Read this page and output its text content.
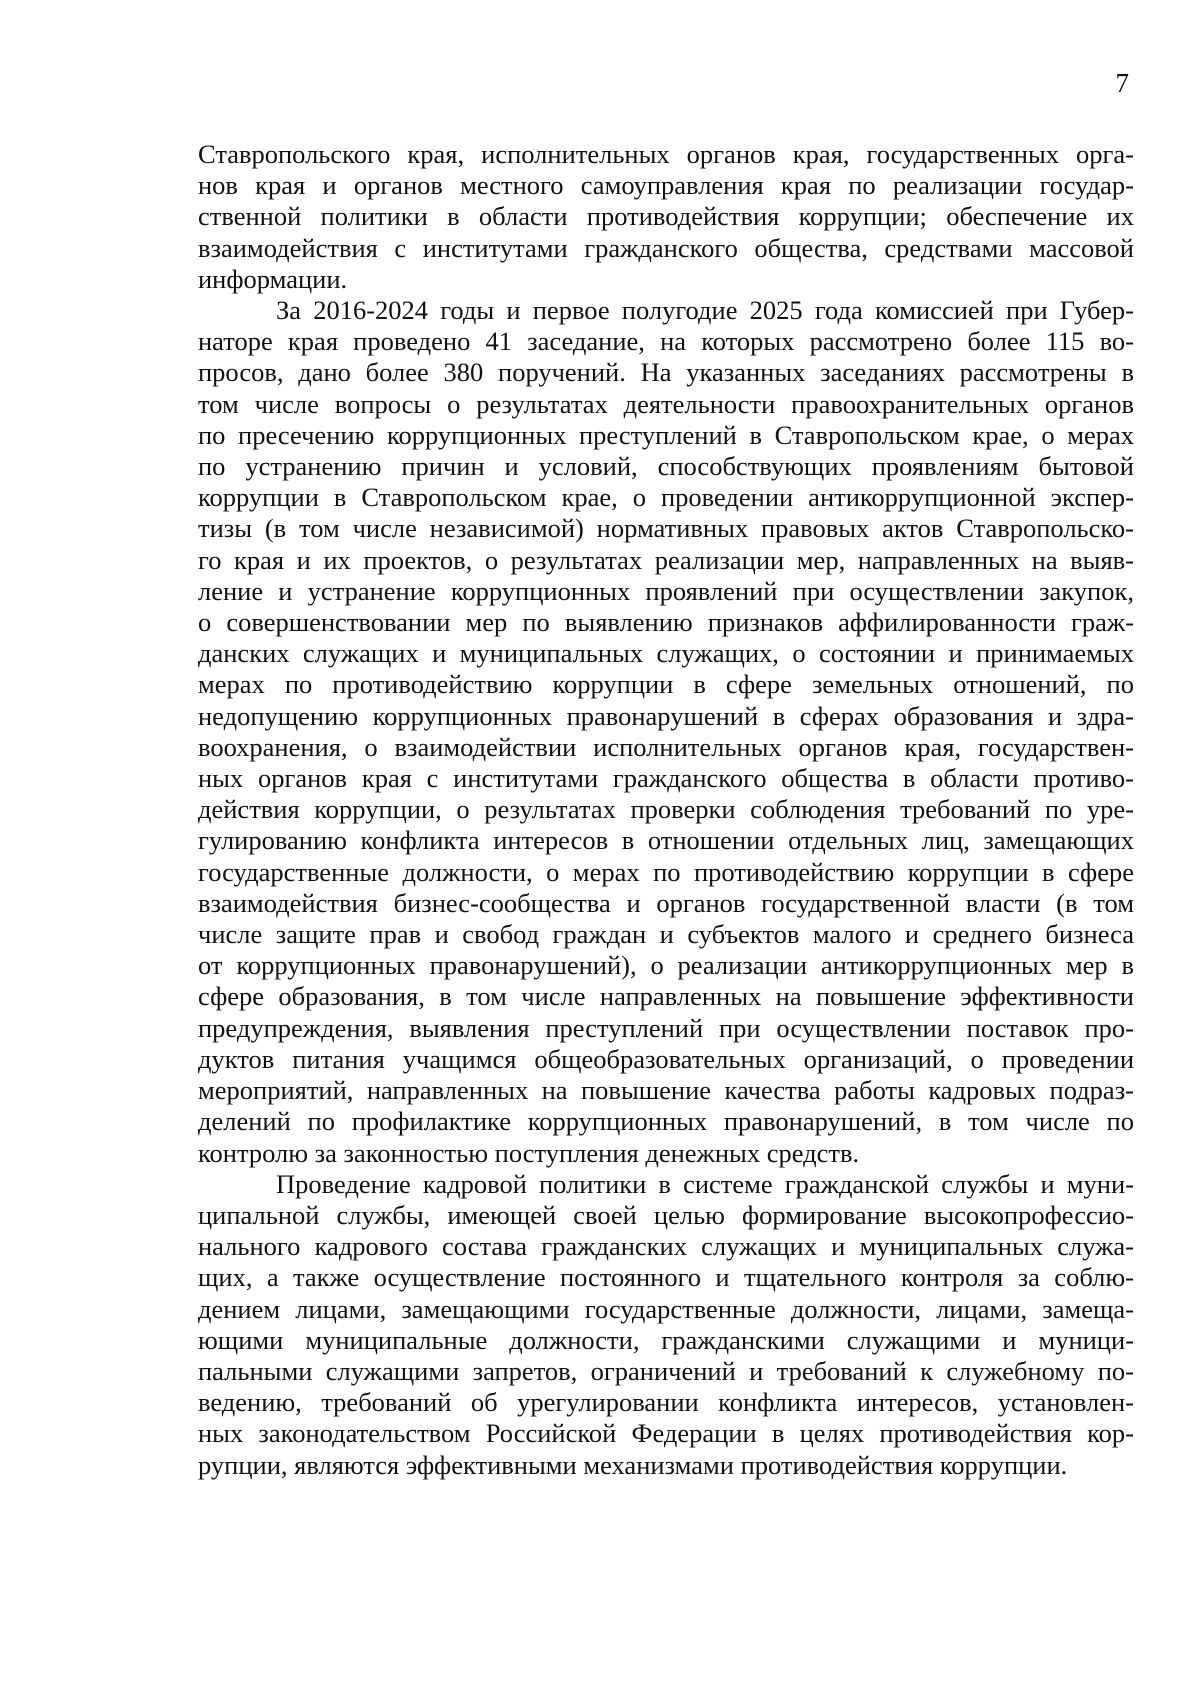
7
Ставропольского края, исполнительных органов края, государственных орга-
нов края и органов местного самоуправления края по реализации государ-
ственной политики в области противодействия коррупции; обеспечение их
взаимодействия с институтами гражданского общества, средствами массовой
информации.
За 2016-2024 годы и первое полугодие 2025 года комиссией при Губер-
наторе края проведено 41 заседание, на которых рассмотрено более 115 во-
просов, дано более 380 поручений. На указанных заседаниях рассмотрены в
том числе вопросы о результатах деятельности правоохранительных органов
по пресечению коррупционных преступлений в Ставропольском крае, о мерах
по устранению причин и условий, способствующих проявлениям бытовой
коррупции в Ставропольском крае, о проведении антикоррупционной экспер-
тизы (в том числе независимой) нормативных правовых актов Ставропольско-
го края и их проектов, о результатах реализации мер, направленных на выяв-
ление и устранение коррупционных проявлений при осуществлении закупок,
о совершенствовании мер по выявлению признаков аффилированности граж-
данских служащих и муниципальных служащих, о состоянии и принимаемых
мерах по противодействию коррупции в сфере земельных отношений, по
недопущению коррупционных правонарушений в сферах образования и здра-
воохранения, о взаимодействии исполнительных органов края, государствен-
ных органов края с институтами гражданского общества в области противо-
действия коррупции, о результатах проверки соблюдения требований по уре-
гулированию конфликта интересов в отношении отдельных лиц, замещающих
государственные должности, о мерах по противодействию коррупции в сфере
взаимодействия бизнес-сообщества и органов государственной власти (в том
числе защите прав и свобод граждан и субъектов малого и среднего бизнеса
от коррупционных правонарушений), о реализации антикоррупционных мер в
сфере образования, в том числе направленных на повышение эффективности
предупреждения, выявления преступлений при осуществлении поставок про-
дуктов питания учащимся общеобразовательных организаций, о проведении
мероприятий, направленных на повышение качества работы кадровых подраз-
делений по профилактике коррупционных правонарушений, в том числе по
контролю за законностью поступления денежных средств.
Проведение кадровой политики в системе гражданской службы и муни-
ципальной службы, имеющей своей целью формирование высокопрофессио-
нального кадрового состава гражданских служащих и муниципальных служа-
щих, а также осуществление постоянного и тщательного контроля за соблю-
дением лицами, замещающими государственные должности, лицами, замеща-
ющими муниципальные должности, гражданскими служащими и муници-
пальными служащими запретов, ограничений и требований к служебному по-
ведению, требований об урегулировании конфликта интересов, установлен-
ных законодательством Российской Федерации в целях противодействия кор-
рупции, являются эффективными механизмами противодействия коррупции.
